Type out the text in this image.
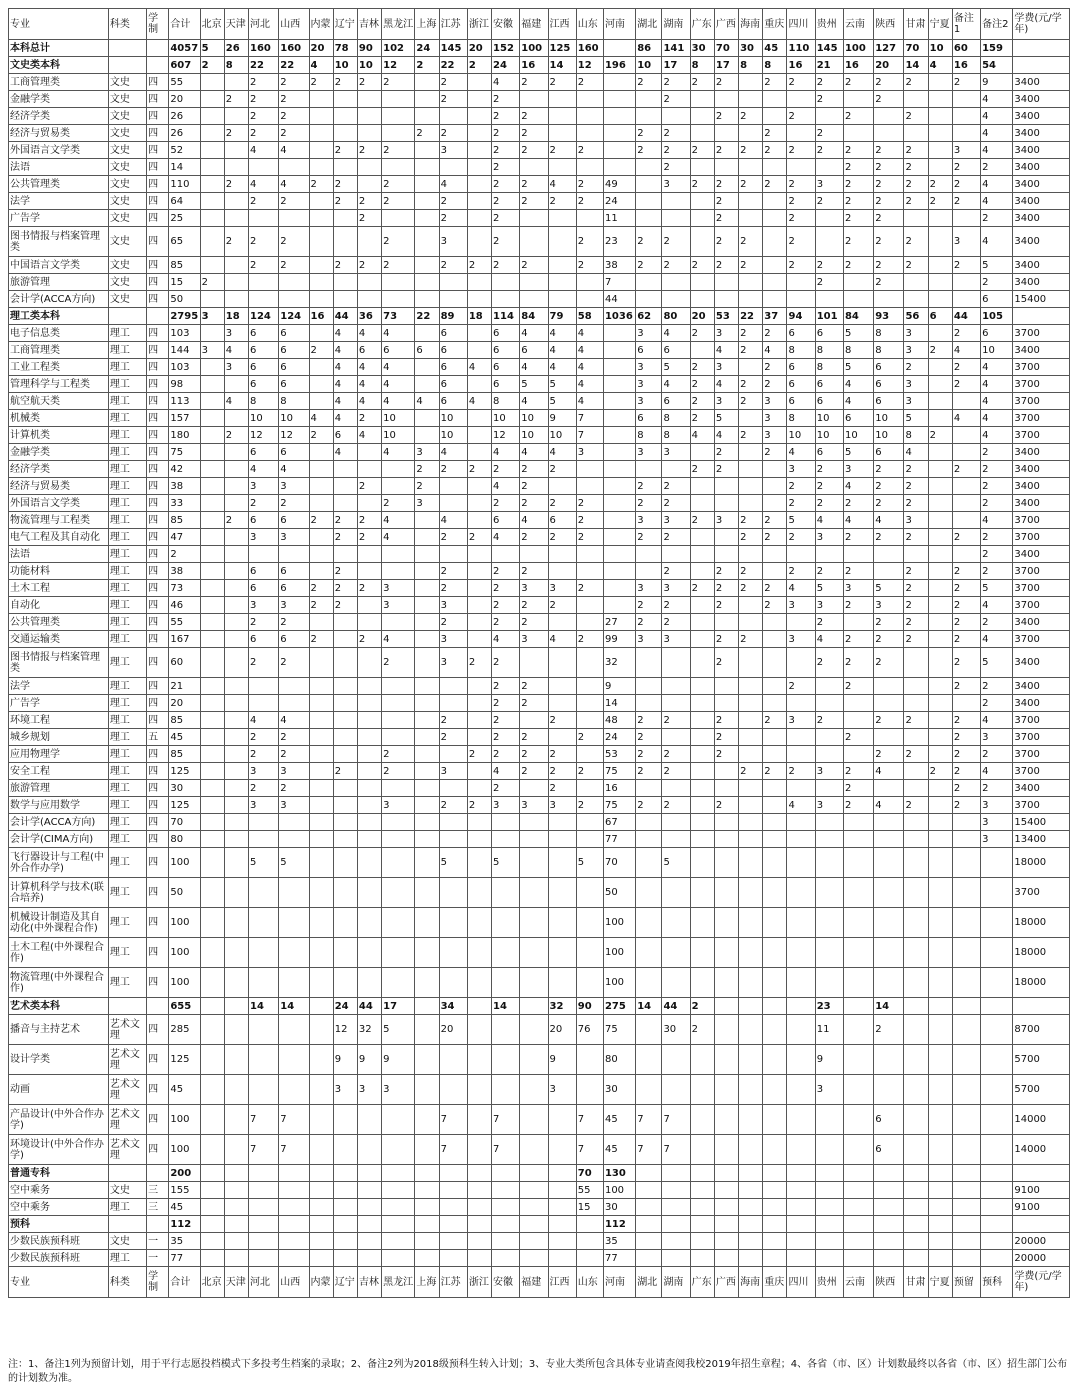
专业	科类	学制	合计	北京	天津	河北	山西	内蒙	辽宁	吉林	黑龙江	上海	江苏	浙江	安徽	福建	江西	山东	河南	湖北	湖南	广东	广西	海南	重庆	四川	贵州	云南	陕西	甘肃	宁夏	备注1	备注2	学费(元/学年)
本科总计			4057	5	26	160	160	20	78	90	102	24	145	20	152	100	125	160		86	141	30	70	30	45	110	145	100	127	70	10	60	159	
文史类本科			607	2	8	22	22	4	10	10	12	2	22	2	24	16	14	12	196	10	17	8	17	8	8	16	21	16	20	14	4	16	54	
工商管理类	文史	四	55			2	2	2	2	2	2		2		4	2	2	2		2	2	2	2		2	2	2	2	2	2		2	9	3400
金融学类	文史	四	20		2	2	2						2		2						2						2		2				4	3400
经济学类	文史	四	26			2	2								2	2							2	2		2		2		2			4	3400
经济与贸易类	文史	四	26		2	2	2					2	2		2	2				2	2				2		2						4	3400
外国语言文学类	文史	四	52			4	4		2	2	2		3		2	2	2	2		2	2	2	2	2	2	2	2	2	2	2		3	4	3400
法语	文史	四	14												2						2							2	2	2		2	2	3400
公共管理类	文史	四	110		2	4	4	2	2		2		4		2	2	4	2	49		3	2	2	2	2	2	3	2	2	2	2	2	4	3400
法学	文史	四	64			2	2		2	2	2		2		2	2	2	2	24				2			2	2	2	2	2	2	2	4	3400
广告学	文史	四	25							2			2		2				11				2			2		2	2				2	3400
图书情报与档案管理类	文史	四	65		2	2	2				2		3		2			2	23	2	2		2	2		2		2	2	2		3	4	3400
中国语言文学类	文史	四	85			2	2		2	2	2		2	2	2	2		2	38	2	2	2	2	2		2	2	2	2	2		2	5	3400
旅游管理	文史	四	15	2															7								2		2				2	3400
会计学(ACCA方向)	文史	四	50																44														6	15400
理工类本科			2795	3	18	124	124	16	44	36	73	22	89	18	114	84	79	58	1036	62	80	20	53	22	37	94	101	84	93	56	6	44	105	
电子信息类	理工	四	103		3	6	6		4	4	4		6		6	4	4	4		3	4	2	3	2	2	6	6	5	8	3		2	6	3700
工商管理类	理工	四	144	3	4	6	6	2	4	6	6	6	6		6	6	4	4		6	6		4	2	4	8	8	8	8	3	2	4	10	3400
工业工程类	理工	四	103		3	6	6		4	4	4		6	4	6	4	4	4		3	5	2	3		2	6	8	5	6	2		2	4	3700
管理科学与工程类	理工	四	98			6	6		4	4	4		6		6	5	5	4		3	4	2	4	2	2	6	6	4	6	3		2	4	3700
航空航天类	理工	四	113		4	8	8		4	4	4	4	6	4	8	4	5	4		3	6	2	3	2	3	6	6	4	6	3			4	3700
机械类	理工	四	157			10	10	4	4	2	10		10		10	10	9	7		6	8	2	5		3	8	10	6	10	5		4	4	3700
计算机类	理工	四	180		2	12	12	2	6	4	10		10		12	10	10	7		8	8	4	4	2	3	10	10	10	10	8	2		4	3700
金融学类	理工	四	75			6	6		4		4	3	4		4	4	4	3		3	3		2		2	4	6	5	6	4			2	3400
经济学类	理工	四	42			4	4					2	2	2	2	2	2					2	2			3	2	3	2	2		2	2	3400
经济与贸易类	理工	四	38			3	3			2		2			4	2				2	2					2	2	4	2	2			2	3400
外国语言文学类	理工	四	33			2	2				2	3			2	2	2	2		2	2					2	2	2	2	2			2	3400
物流管理与工程类	理工	四	85		2	6	6	2	2	2	4		4		6	4	6	2		3	3	2	3	2	2	5	4	4	4	3			4	3700
电气工程及其自动化	理工	四	47			3	3		2	2	4		2	2	4	2	2	2		2	2			2	2	2	3	2	2	2		2	2	3700
法语	理工	四	2																														2	3400
功能材料	理工	四	38			6	6		2				2		2	2					2		2	2		2	2	2		2		2	2	3700
土木工程	理工	四	73			6	6	2	2	2	3		2		2	3	3	2		3	3	2	2	2	2	4	5	3	5	2		2	5	3700
自动化	理工	四	46			3	3	2	2		3		3		2	2	2			2	2		2		2	3	3	2	3	2		2	4	3700
公共管理类	理工	四	55			2	2						2		2	2			27	2	2						2		2	2		2	2	3400
交通运输类	理工	四	167			6	6	2		2	4		3		4	3	4	2	99	3	3		2	2		3	4	2	2	2		2	4	3700
图书情报与档案管理类	理工	四	60			2	2				2		3	2	2				32				2				2	2	2			2	5	3400
法学	理工	四	21												2	2			9							2		2				2	2	3400
广告学	理工	四	20												2	2			14														2	3400
环境工程	理工	四	85			4	4						2		2		2		48	2	2		2		2	3	2		2	2		2	4	3700
城乡规划	理工	五	45			2	2						2		2	2		2	24	2			2					2				2	3	3700
应用物理学	理工	四	85			2	2				2			2	2	2	2		53	2	2		2						2	2		2	2	3700
安全工程	理工	四	125			3	3		2		2		3		4	2	2	2	75	2	2			2	2	2	3	2	4		2	2	4	3700
旅游管理	理工	四	30			2	2								2		2		16									2				2	2	3400
数学与应用数学	理工	四	125			3	3				3		2	2	3	3	3	2	75	2	2		2			4	3	2	4	2		2	3	3700
会计学(ACCA方向)	理工	四	70																67														3	15400
会计学(CIMA方向)	理工	四	80																77														3	13400
飞行器设计与工程(中外合作办学)	理工	四	100			5	5						5		5			5	70		5													18000
计算机科学与技术(联合培养)	理工	四	50																50															3700
机械设计制造及其自动化(中外课程合作)	理工	四	100																100															18000
土木工程(中外课程合作)	理工	四	100																100															18000
物流管理(中外课程合作)	理工	四	100																100															18000
艺术类本科			655			14	14		24	44	17		34		14		32	90	275	14	44	2					23		14					
播音与主持艺术	艺术文理	四	285						12	32	5		20				20	76	75		30	2					11		2					8700
设计学类	艺术文理	四	125						9	9	9						9		80								9							5700
动画	艺术文理	四	45						3	3	3						3		30								3							5700
产品设计(中外合作办学)	艺术文理	四	100			7	7						7		7			7	45	7	7								6					14000
环境设计(中外合作办学)	艺术文理	四	100			7	7						7		7			7	45	7	7								6					14000
普通专科			200															70	130															
空中乘务	文史	三	155															55	100															9100
空中乘务	理工	三	45															15	30															9100
预科			112																112															
少数民族预科班	文史	一	35																35															20000
少数民族预科班	理工	一	77																77															20000
专业	科类	学制	合计	北京	天津	河北	山西	内蒙	辽宁	吉林	黑龙江	上海	江苏	浙江	安徽	福建	江西	山东	河南	湖北	湖南	广东	广西	海南	重庆	四川	贵州	云南	陕西	甘肃	宁夏	预留	预科	学费(元/学年)

注：1、备注1列为预留计划，用于平行志愿投档模式下多投考生档案的录取；2、备注2列为2018级预科生转入计划；3、专业大类所包含具体专业请查阅我校2019年招生章程；4、各省（市、区）计划数最终以各省（市、区）招生部门公布的计划数为准。
